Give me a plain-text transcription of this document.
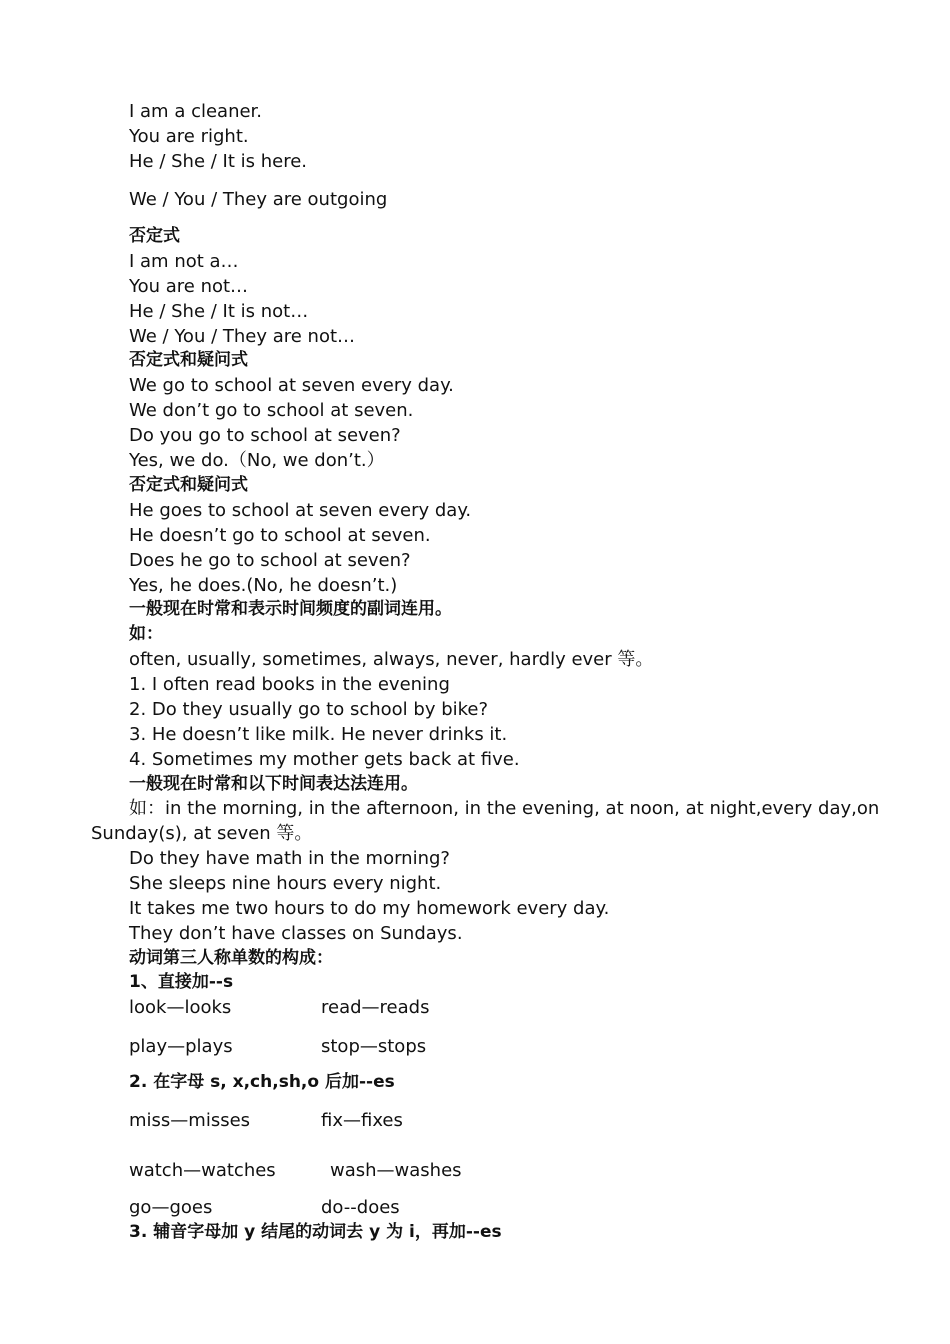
I am a cleaner.
You are right.
He / She / It is here.
We / You / They are outgoing
否定式
I am not a…
You are not…
He / She / It is not…
We / You / They are not…
否定式和疑问式
We go to school at seven every day.
We don’t go to school at seven.
Do you go to school at seven?
Yes, we do.（No, we don’t.）
否定式和疑问式
He goes to school at seven every day.
He doesn’t go to school at seven.
Does he go to school at seven?
Yes, he does.(No, he doesn’t.)
一般现在时常和表示时间频度的副词连用。
如：
often, usually, sometimes, always, never, hardly ever 等。
1. I often read books in the evening
2. Do they usually go to school by bike?
3. He doesn’t like milk. He never drinks it.
4. Sometimes my mother gets back at five.
一般现在时常和以下时间表达法连用。
如：in the morning, in the afternoon, in the evening, at noon, at night,every day,on Sunday(s), at seven 等。
Do they have math in the morning?
She sleeps nine hours every night.
It takes me two hours to do my homework every day.
They don’t have classes on Sundays.
动词第三人称单数的构成：
1、直接加--s
look—looks	read—reads
play—plays	stop—stops
2. 在字母 s, x,ch,sh,o 后加--es
miss—misses	fix—fixes
watch—watches	wash—washes
go—goes	do--does
3. 辅音字母加 y 结尾的动词去 y 为 i，再加--es
